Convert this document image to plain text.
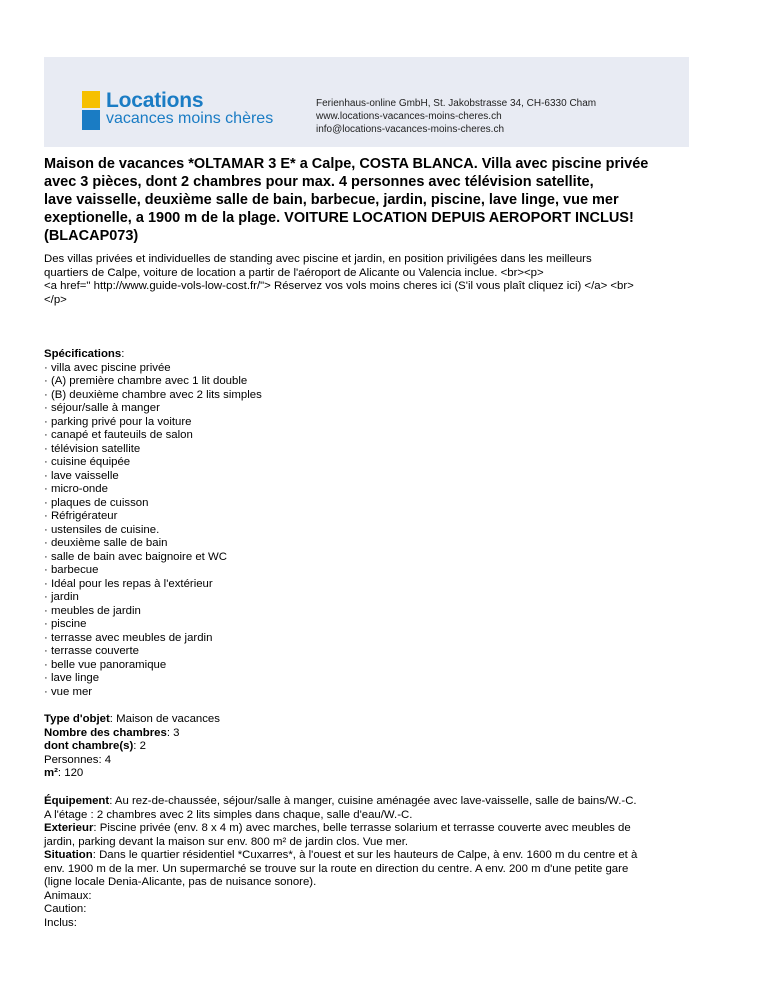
Locations
vacances moins chères
Ferienhaus-online GmbH, St. Jakobstrasse 34, CH-6330 Cham
www.locations-vacances-moins-cheres.ch
info@locations-vacances-moins-cheres.ch
Maison de vacances *OLTAMAR 3 E* a Calpe, COSTA BLANCA. Villa avec piscine privée
avec 3 pièces, dont 2 chambres pour max. 4 personnes avec télévision satellite,
lave vaisselle, deuxième salle de bain, barbecue, jardin, piscine, lave linge, vue mer
exeptionelle, a 1900 m de la plage. VOITURE LOCATION DEPUIS AEROPORT INCLUS!
(BLACAP073)
Des villas privées et individuelles de standing avec piscine et jardin, en position priviligées dans les meilleurs
quartiers de Calpe, voiture de location a partir de l'aéroport de Alicante ou Valencia inclue. <br><p>
<a href=" http://www.guide-vols-low-cost.fr/"> Réservez vos vols moins cheres ici (S'il vous plaît cliquez ici) </a> <br>
</p>
Spécifications:
· villa avec piscine privée
· (A) première chambre avec 1 lit double
· (B) deuxième chambre avec 2 lits simples
· séjour/salle à manger
· parking privé pour la voiture
· canapé et fauteuils de salon
· télévision satellite
· cuisine équipée
· lave vaisselle
· micro-onde
· plaques de cuisson
· Réfrigérateur
· ustensiles de cuisine.
· deuxième salle de bain
· salle de bain avec baignoire et WC
· barbecue
· Idéal pour les repas à l'extérieur
· jardin
· meubles de jardin
· piscine
· terrasse avec meubles de jardin
· terrasse couverte
· belle vue panoramique
· lave linge
· vue mer
Type d'objet: Maison de vacances
Nombre des chambres: 3
dont chambre(s): 2
Personnes: 4
m²: 120
Équipement: Au rez-de-chaussée, séjour/salle à manger, cuisine aménagée avec lave-vaisselle, salle de bains/W.-C.
A l'étage : 2 chambres avec 2 lits simples dans chaque, salle d'eau/W.-C.
Exterieur: Piscine privée (env. 8 x 4 m) avec marches, belle terrasse solarium et terrasse couverte avec meubles de
jardin, parking devant la maison sur env. 800 m² de jardin clos. Vue mer.
Situation: Dans le quartier résidentiel *Cuxarres*, à l'ouest et sur les hauteurs de Calpe, à env. 1600 m du centre et à
env. 1900 m de la mer. Un supermarché se trouve sur la route en direction du centre. A env. 200 m d'une petite gare
(ligne locale Denia-Alicante, pas de nuisance sonore).
Animaux:
Caution:
Inclus:
